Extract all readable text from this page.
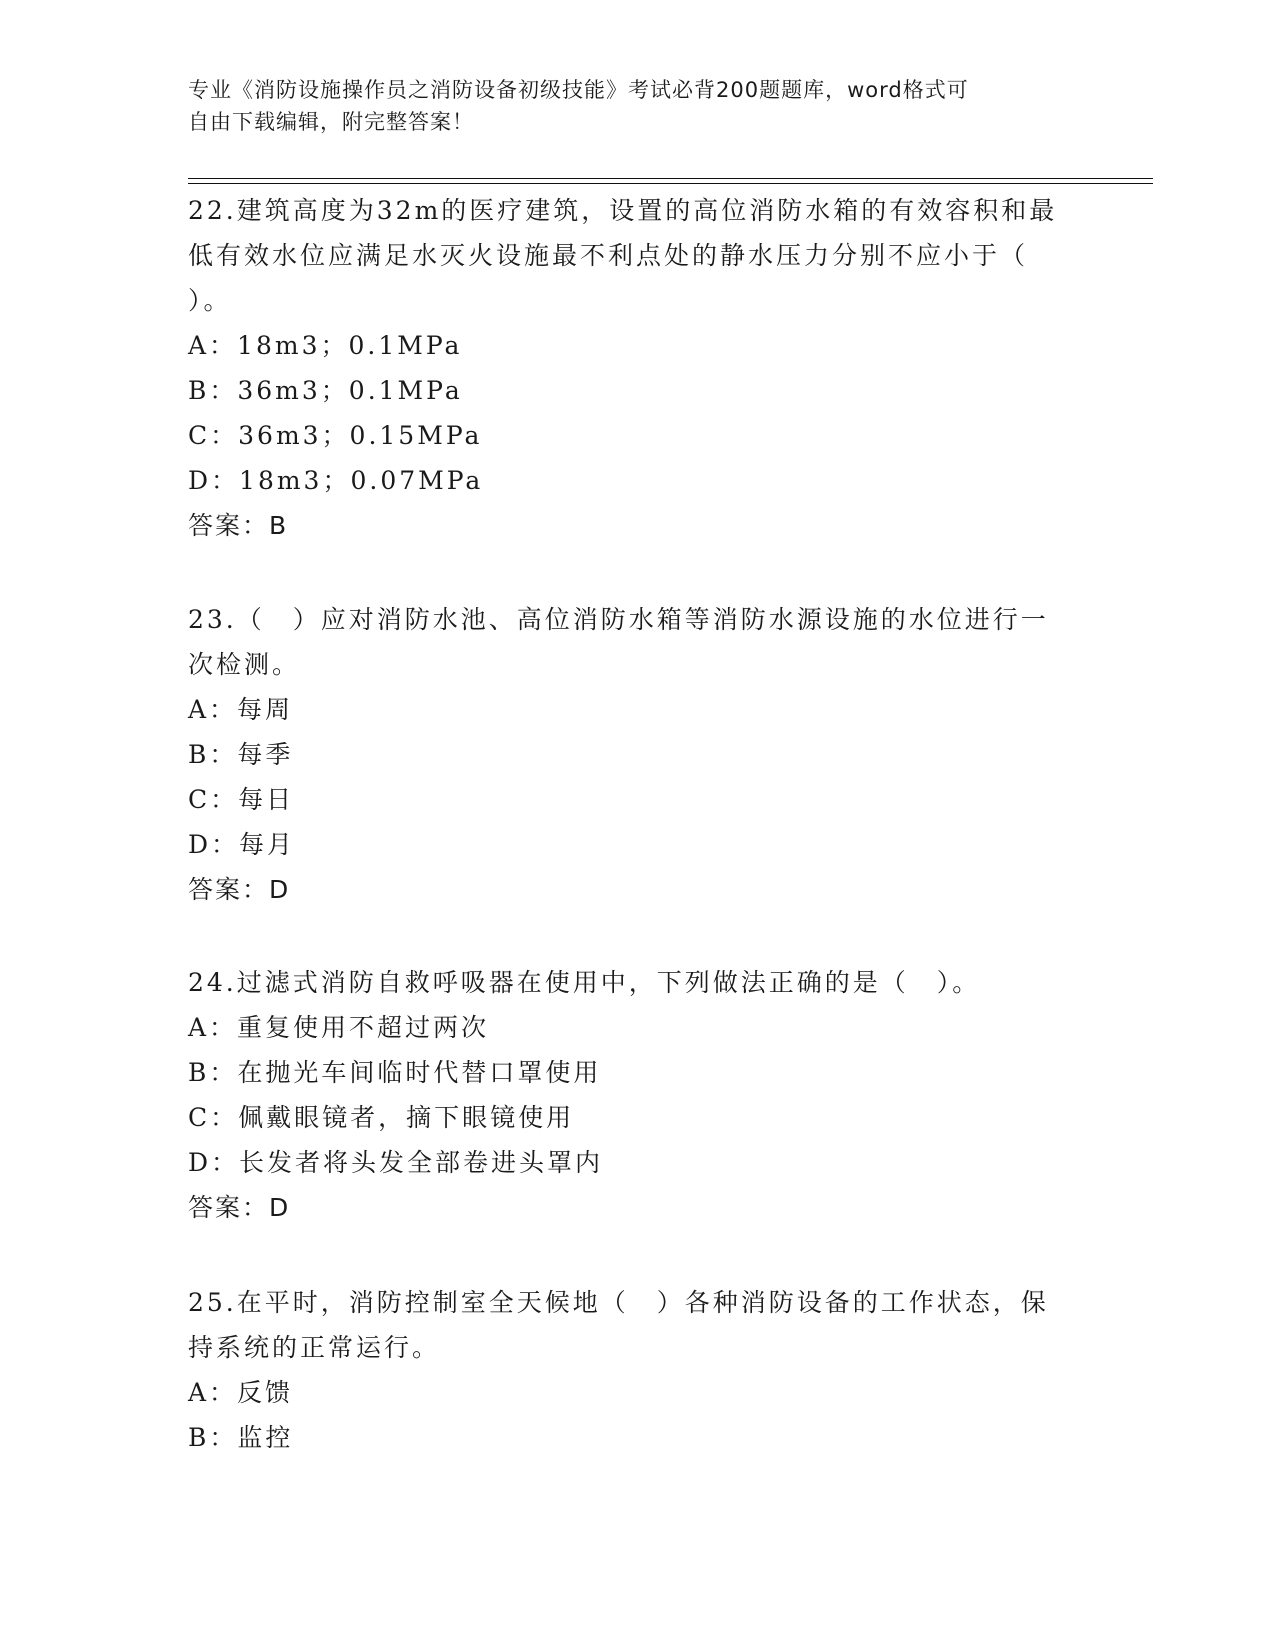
专业《消防设施操作员之消防设备初级技能》考试必背200题题库，word格式可
自由下载编辑，附完整答案！
22.建筑高度为32m的医疗建筑，设置的高位消防水箱的有效容积和最
低有效水位应满足水灭火设施最不利点处的静水压力分别不应小于（
）。
A：18m3；0.1MPa
B：36m3；0.1MPa
C：36m3；0.15MPa
D：18m3；0.07MPa
答案：B
23.（　）应对消防水池、高位消防水箱等消防水源设施的水位进行一
次检测。
A：每周
B：每季
C：每日
D：每月
答案：D
24.过滤式消防自救呼吸器在使用中，下列做法正确的是（　）。
A：重复使用不超过两次
B：在抛光车间临时代替口罩使用
C：佩戴眼镜者，摘下眼镜使用
D：长发者将头发全部卷进头罩内
答案：D
25.在平时，消防控制室全天候地（　）各种消防设备的工作状态，保
持系统的正常运行。
A：反馈
B：监控
